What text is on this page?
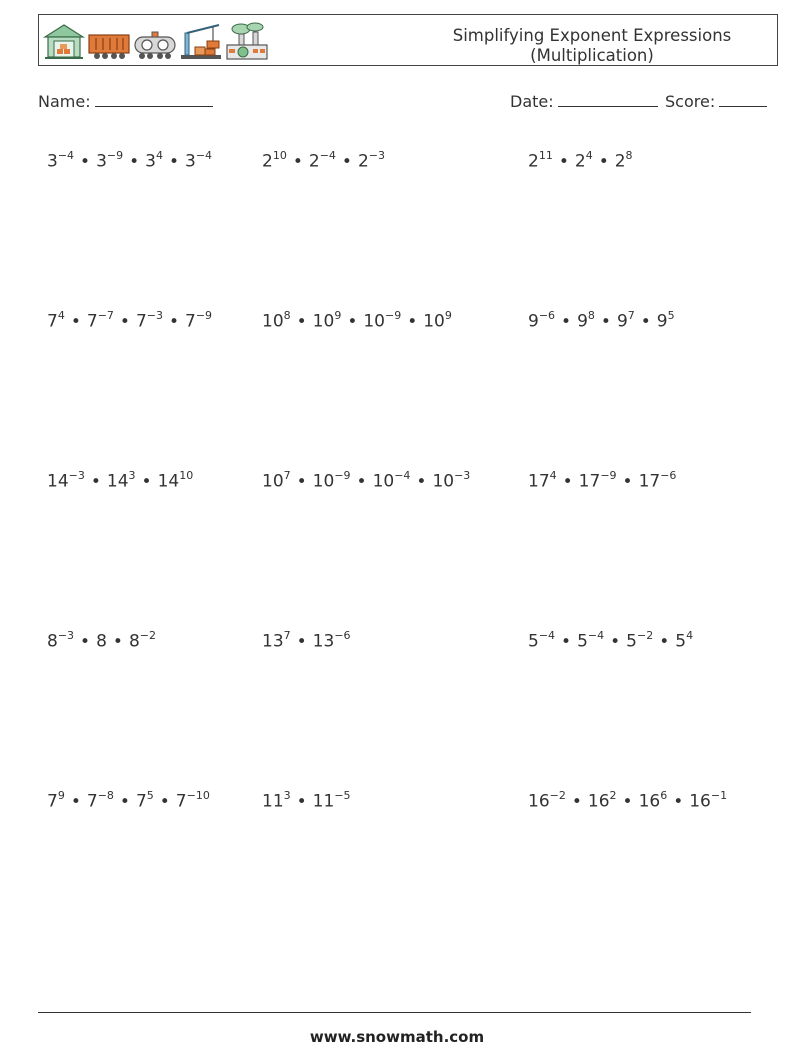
Simplifying Exponent Expressions
(Multiplication)
Name:	Date:	Score:
$3^{-4}$ • $3^{-9}$ • $3^4$ • $3^{-4}$	$2^{10}$ • $2^{-4}$ • $2^{-3}$	$2^{11}$ • $2^4$ • $2^8$
$7^4$ • $7^{-7}$ • $7^{-3}$ • $7^{-9}$	$10^8$ • $10^9$ • $10^{-9}$ • $10^9$	$9^{-6}$ • $9^8$ • $9^7$ • $9^5$
$14^{-3}$ • $14^3$ • $14^{10}$	$10^7$ • $10^{-9}$ • $10^{-4}$ • $10^{-3}$	$17^4$ • $17^{-9}$ • $17^{-6}$
$8^{-3}$ • 8 • $8^{-2}$	$13^7$ • $13^{-6}$	$5^{-4}$ • $5^{-4}$ • $5^{-2}$ • $5^4$
$7^9$ • $7^{-8}$ • $7^5$ • $7^{-10}$	$11^3$ • $11^{-5}$	$16^{-2}$ • $16^2$ • $16^6$ • $16^{-1}$
www.snowmath.com
